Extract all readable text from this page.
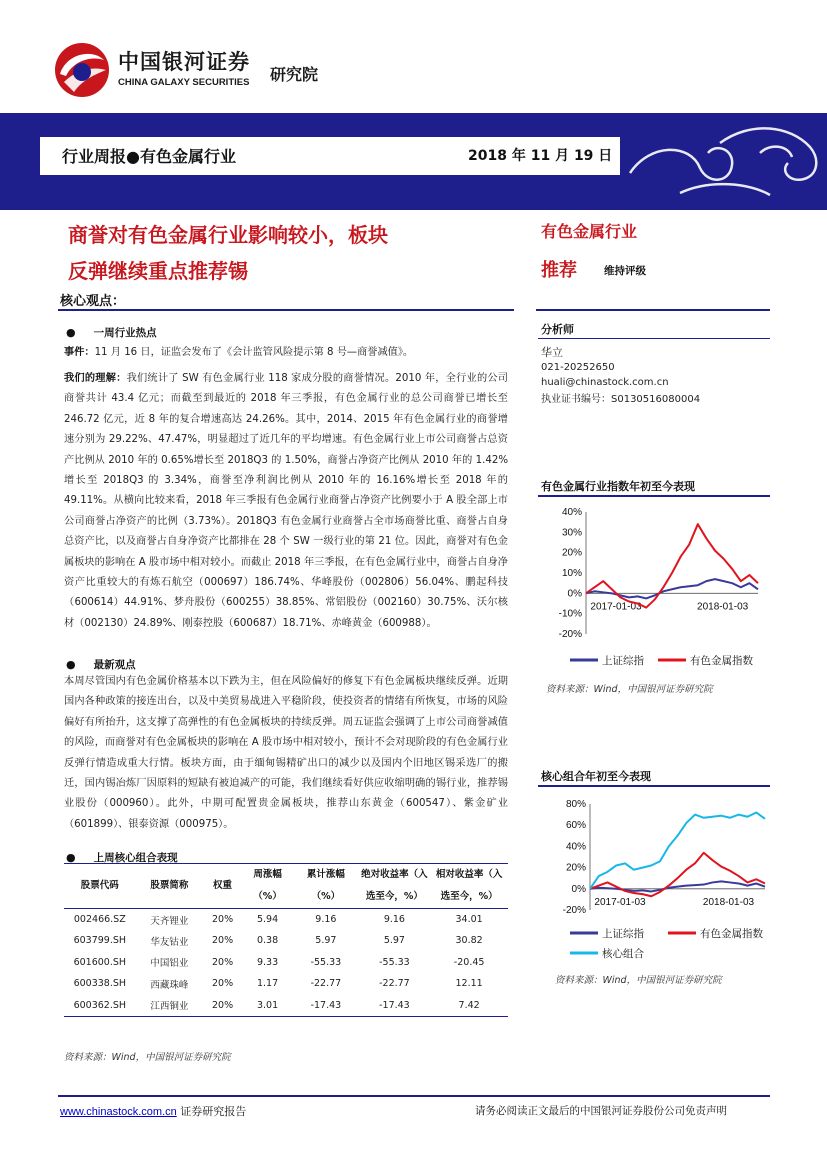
中国银河证券
CHINA GALAXY SECURITIES 研究院
行业周报●有色金属行业	2018 年 11 月 19 日
商誉对有色金属行业影响较小，板块
反弹继续重点推荐锡
有色金属行业
推荐	维持评级
核心观点：
● 一周行业热点
事件：11 月 16 日，证监会发布了《会计监管风险提示第 8 号—商誉减值》。
我们的理解：我们统计了 SW 有色金属行业 118 家成分股的商誉情况。2010 年，全行业的公司商誉共计 43.4 亿元；而截至到最近的 2018 年三季报，有色金属行业的总公司商誉已增长至 246.72 亿元，近 8 年的复合增速高达 24.26%。其中，2014、2015 年有色金属行业的商誉增速分别为 29.22%、47.47%，明显超过了近几年的平均增速。有色金属行业上市公司商誉占总资产比例从 2010 年的 0.65%增长至 2018Q3 的 1.50%，商誉占净资产比例从 2010 年的 1.42%增长至 2018Q3 的 3.34%，商誉至净利润比例从 2010 年的 16.16%增长至 2018 年的 49.11%。从横向比较来看，2018 年三季报有色金属行业商誉占净资产比例要小于 A 股全部上市公司商誉占净资产的比例（3.73%）。2018Q3 有色金属行业商誉占全市场商誉比重、商誉占自身总资产比，以及商誉占自身净资产比都排在 28 个 SW 一级行业的第 21 位。因此，商誉对有色金属板块的影响在 A 股市场中相对较小。而截止 2018 年三季报，在有色金属行业中，商誉占自身净资产比重较大的有炼石航空（000697）186.74%、华峰股份（002806）56.04%、鹏起科技（600614）44.91%、梦舟股份（600255）38.85%、常铝股份（002160）30.75%、沃尔核材（002130）24.89%、刚泰控股（600687）18.71%、赤峰黄金（600988）。
● 最新观点
本周尽管国内有色金属价格基本以下跌为主，但在风险偏好的修复下有色金属板块继续反弹。近期国内各种政策的接连出台，以及中美贸易战进入平稳阶段，使投资者的情绪有所恢复，市场的风险偏好有所抬升，这支撑了高弹性的有色金属板块的持续反弹。周五证监会强调了上市公司商誉减值的风险，而商誉对有色金属板块的影响在 A 股市场中相对较小，预计不会对现阶段的有色金属行业反弹行情造成重大行情。板块方面，由于缅甸锡精矿出口的减少以及国内个旧地区锡采选厂的搬迁，国内锡冶炼厂因原料的短缺有被迫减产的可能，我们继续看好供应收缩明确的锡行业，推荐锡业股份（000960）。此外，中期可配置贵金属板块，推荐山东黄金（600547）、紫金矿业（601899）、银泰资源（000975）。
● 上周核心组合表现
股票代码	股票简称	权重	周涨幅（%）	累计涨幅（%）	绝对收益率（入选至今，%）	相对收益率（入选至今，%）
002466.SZ	天齐锂业	20%	5.94	9.16	9.16	34.01
603799.SH	华友钴业	20%	0.38	5.97	5.97	30.82
601600.SH	中国铝业	20%	9.33	-55.33	-55.33	-20.45
600338.SH	西藏珠峰	20%	1.17	-22.77	-22.77	12.11
600362.SH	江西铜业	20%	3.01	-17.43	-17.43	7.42
资料来源：Wind，中国银河证券研究院
分析师
华立
021-20252650
huali@chinastock.com.cn
执业证书编号：S0130516080004
有色金属行业指数年初至今表现
40%
30%
20%
10%
0%
-10%
-20%
2017-01-03	2018-01-03
上证综指	有色金属指数
资料来源：Wind，中国银河证券研究院
核心组合年初至今表现
80%
60%
40%
20%
0%
-20%
2017-01-03	2018-01-03
上证综指	有色金属指数
核心组合
资料来源：Wind，中国银河证券研究院
www.chinastock.com.cn 证券研究报告	请务必阅读正文最后的中国银河证券股份公司免责声明
